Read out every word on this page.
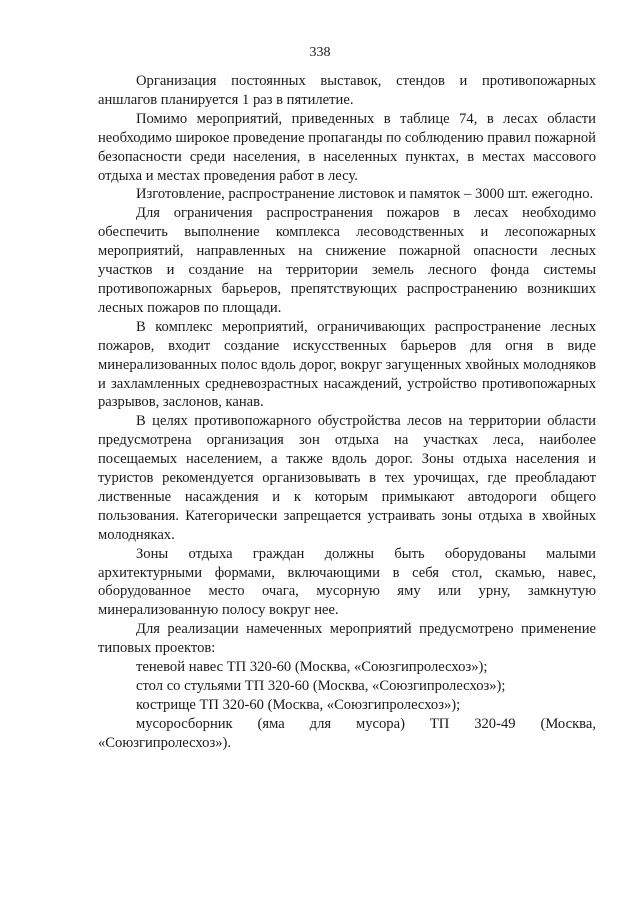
338

Организация постоянных выставок, стендов и противопожарных аншлагов планируется 1 раз в пятилетие.

Помимо мероприятий, приведенных в таблице 74, в лесах области необходимо широкое проведение пропаганды по соблюдению правил пожарной безопасности среди населения, в населенных пунктах, в местах массового отдыха и местах проведения работ в лесу.

Изготовление, распространение листовок и памяток – 3000 шт. ежегодно.

Для ограничения распространения пожаров в лесах необходимо обеспечить выполнение комплекса лесоводственных и лесопожарных мероприятий, направленных на снижение пожарной опасности лесных участков и создание на территории земель лесного фонда системы противопожарных барьеров, препятствующих распространению возникших лесных пожаров по площади.

В комплекс мероприятий, ограничивающих распространение лесных пожаров, входит создание искусственных барьеров для огня в виде минерализованных полос вдоль дорог, вокруг загущенных хвойных молодняков и захламленных средневозрастных насаждений, устройство противопожарных разрывов, заслонов, канав.

В целях противопожарного обустройства лесов на территории области предусмотрена организация зон отдыха на участках леса, наиболее посещаемых населением, а также вдоль дорог. Зоны отдыха населения и туристов рекомендуется организовывать в тех урочищах, где преобладают лиственные насаждения и к которым примыкают автодороги общего пользования. Категорически запрещается устраивать зоны отдыха в хвойных молодняках.

Зоны отдыха граждан должны быть оборудованы малыми архитектурными формами, включающими в себя стол, скамью, навес, оборудованное место очага, мусорную яму или урну, замкнутую минерализованную полосу вокруг нее.

Для реализации намеченных мероприятий предусмотрено применение типовых проектов:

теневой навес ТП 320-60 (Москва, «Союзгипролесхоз»);

стол со стульями ТП 320-60 (Москва, «Союзгипролесхоз»);

кострище ТП 320-60 (Москва, «Союзгипролесхоз»);

мусоросборник (яма для мусора) ТП 320-49 (Москва, «Союзгипролесхоз»).
